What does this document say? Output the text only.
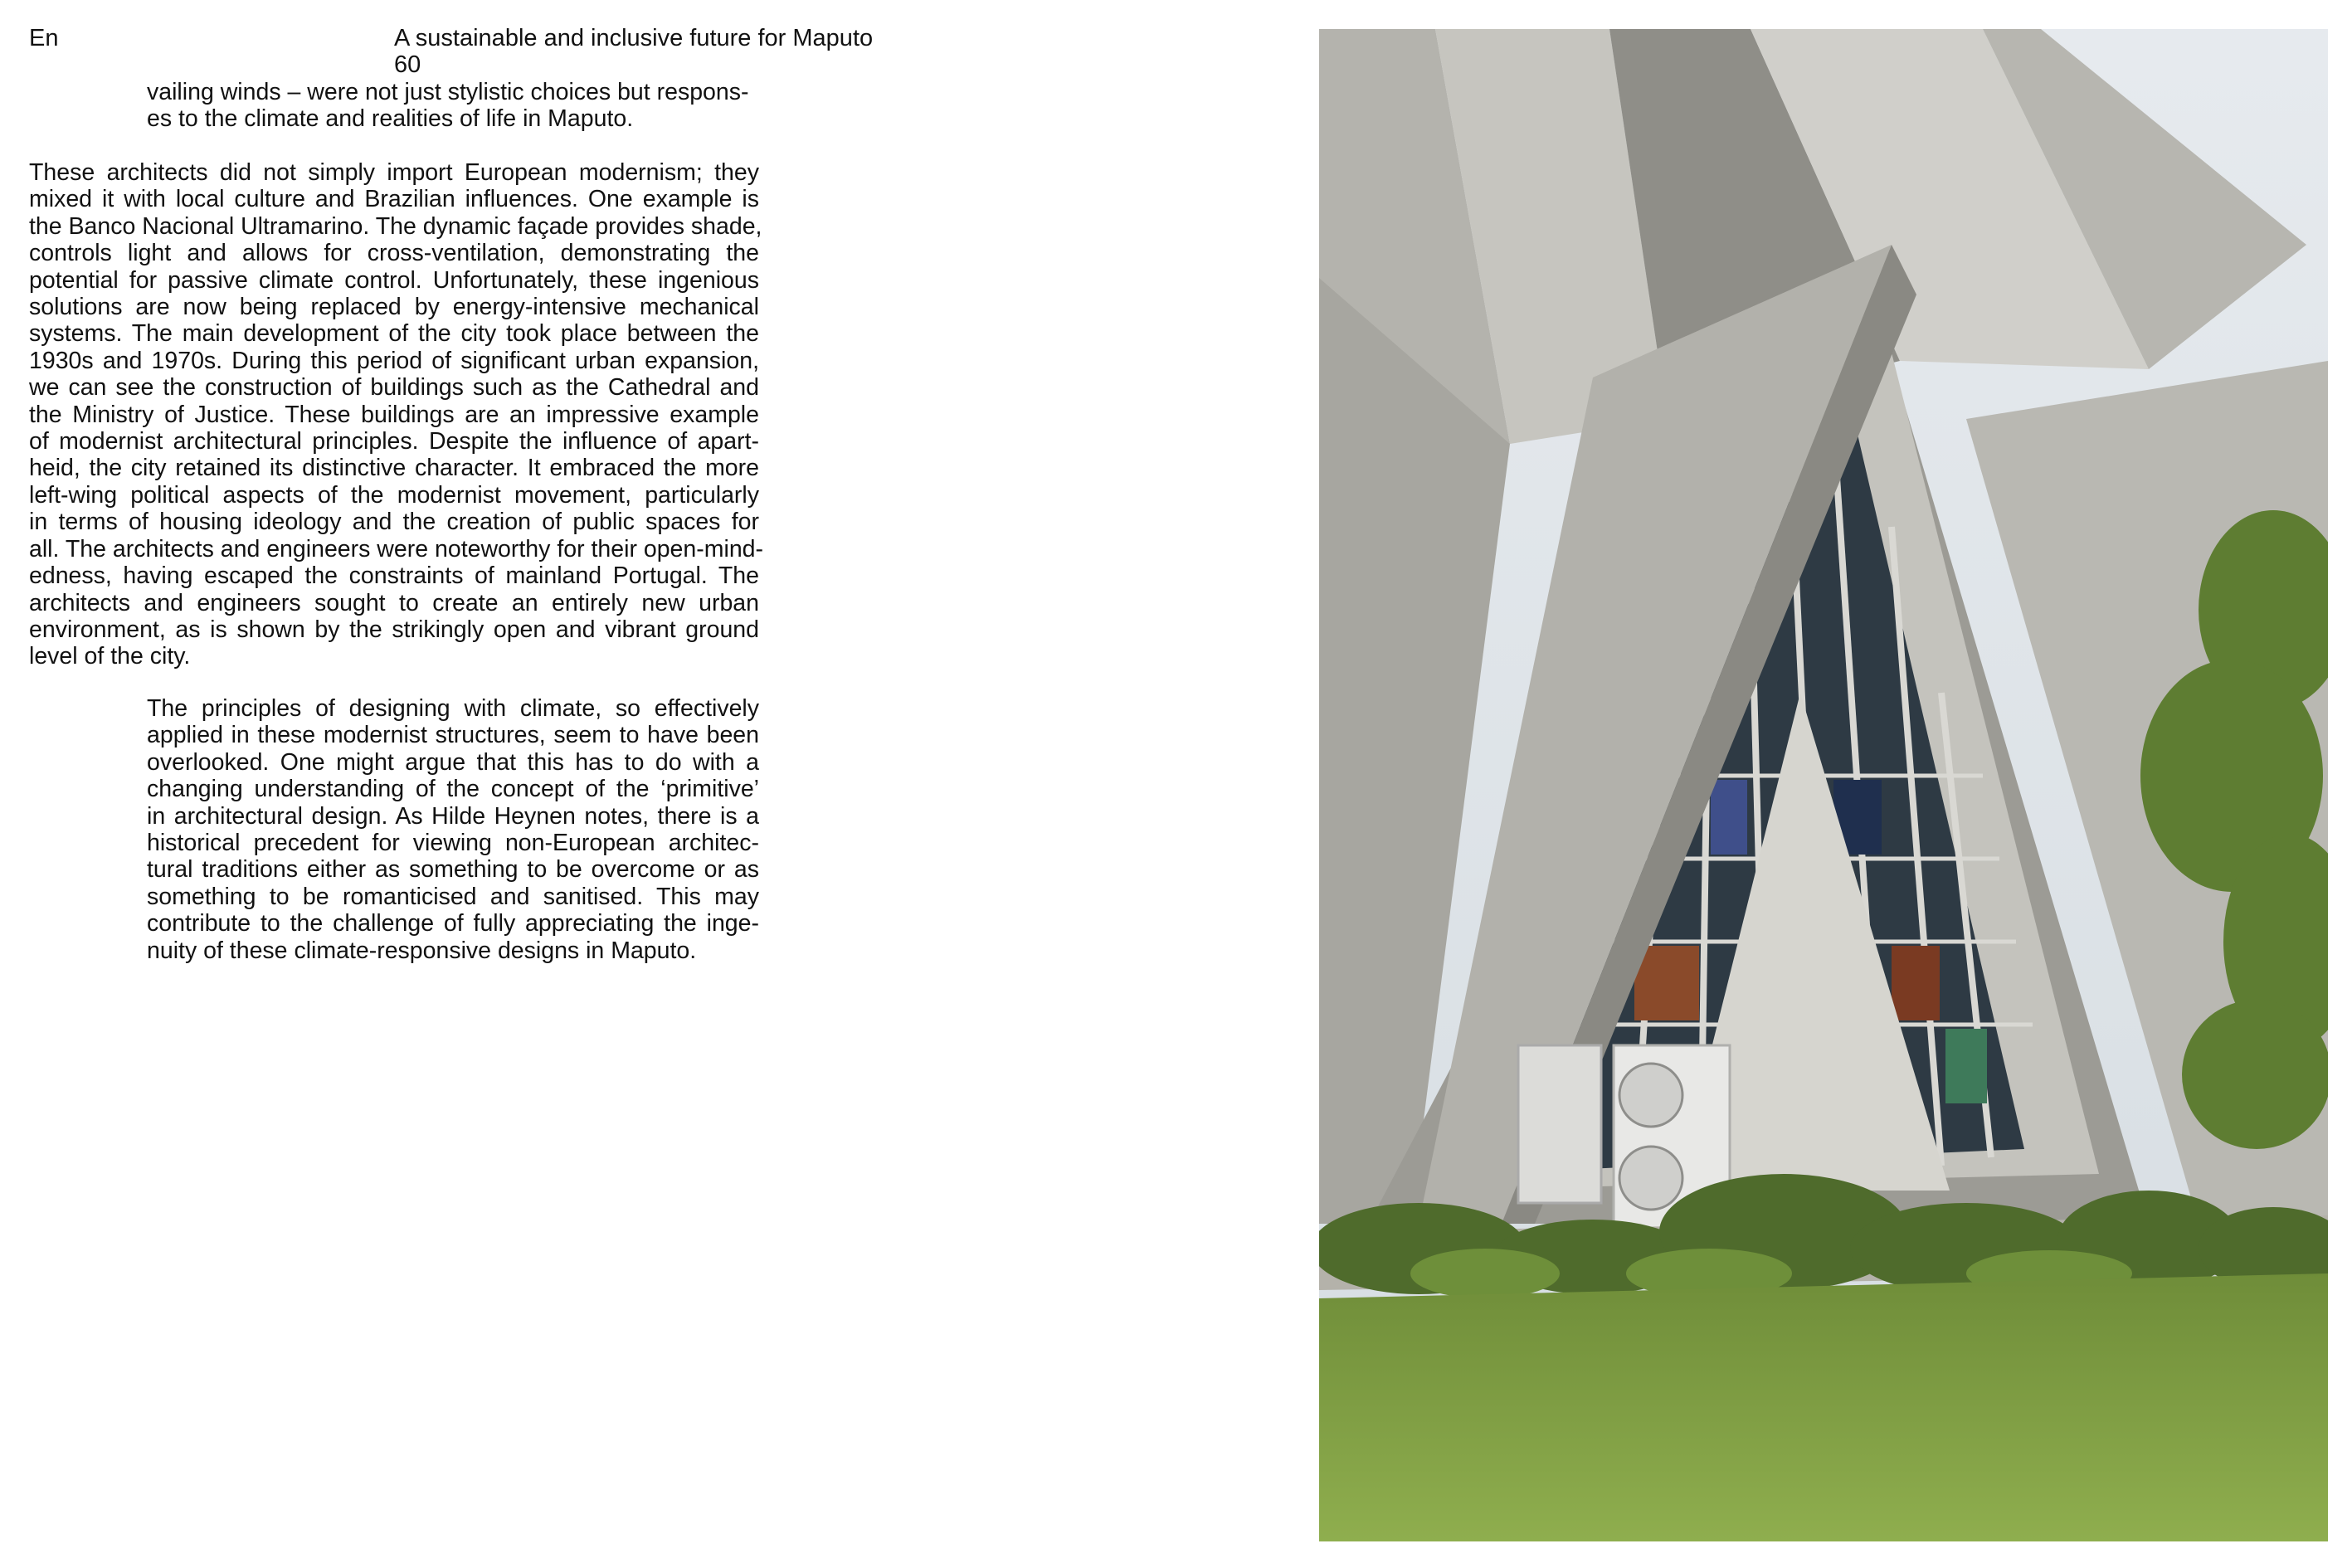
En	A sustainable and inclusive future for Maputo
60
vailing winds – were not just stylistic choices but respons-
es to the climate and realities of life in Maputo.
These architects did not simply import European modernism; they
mixed it with local culture and Brazilian influences. One example is
the Banco Nacional Ultramarino. The dynamic façade provides shade,
controls light and allows for cross-ventilation, demonstrating the
potential for passive climate control. Unfortunately, these ingenious
solutions are now being replaced by energy-intensive mechanical
systems. The main development of the city took place between the
1930s and 1970s. During this period of significant urban expansion,
we can see the construction of buildings such as the Cathedral and
the Ministry of Justice. These buildings are an impressive example
of modernist architectural principles. Despite the influence of apart-
heid, the city retained its distinctive character. It embraced the more
left-wing political aspects of the modernist movement, particularly
in terms of housing ideology and the creation of public spaces for
all. The architects and engineers were noteworthy for their open-mind-
edness, having escaped the constraints of mainland Portugal. The
architects and engineers sought to create an entirely new urban
environment, as is shown by the strikingly open and vibrant ground
level of the city.
The principles of designing with climate, so effectively
applied in these modernist structures, seem to have been
overlooked. One might argue that this has to do with a
changing understanding of the concept of the ‘primitive’
in architectural design. As Hilde Heynen notes, there is a
historical precedent for viewing non-European architec-
tural traditions either as something to be overcome or as
something to be romanticised and sanitised. This may
contribute to the challenge of fully appreciating the inge-
nuity of these climate-responsive designs in Maputo.
